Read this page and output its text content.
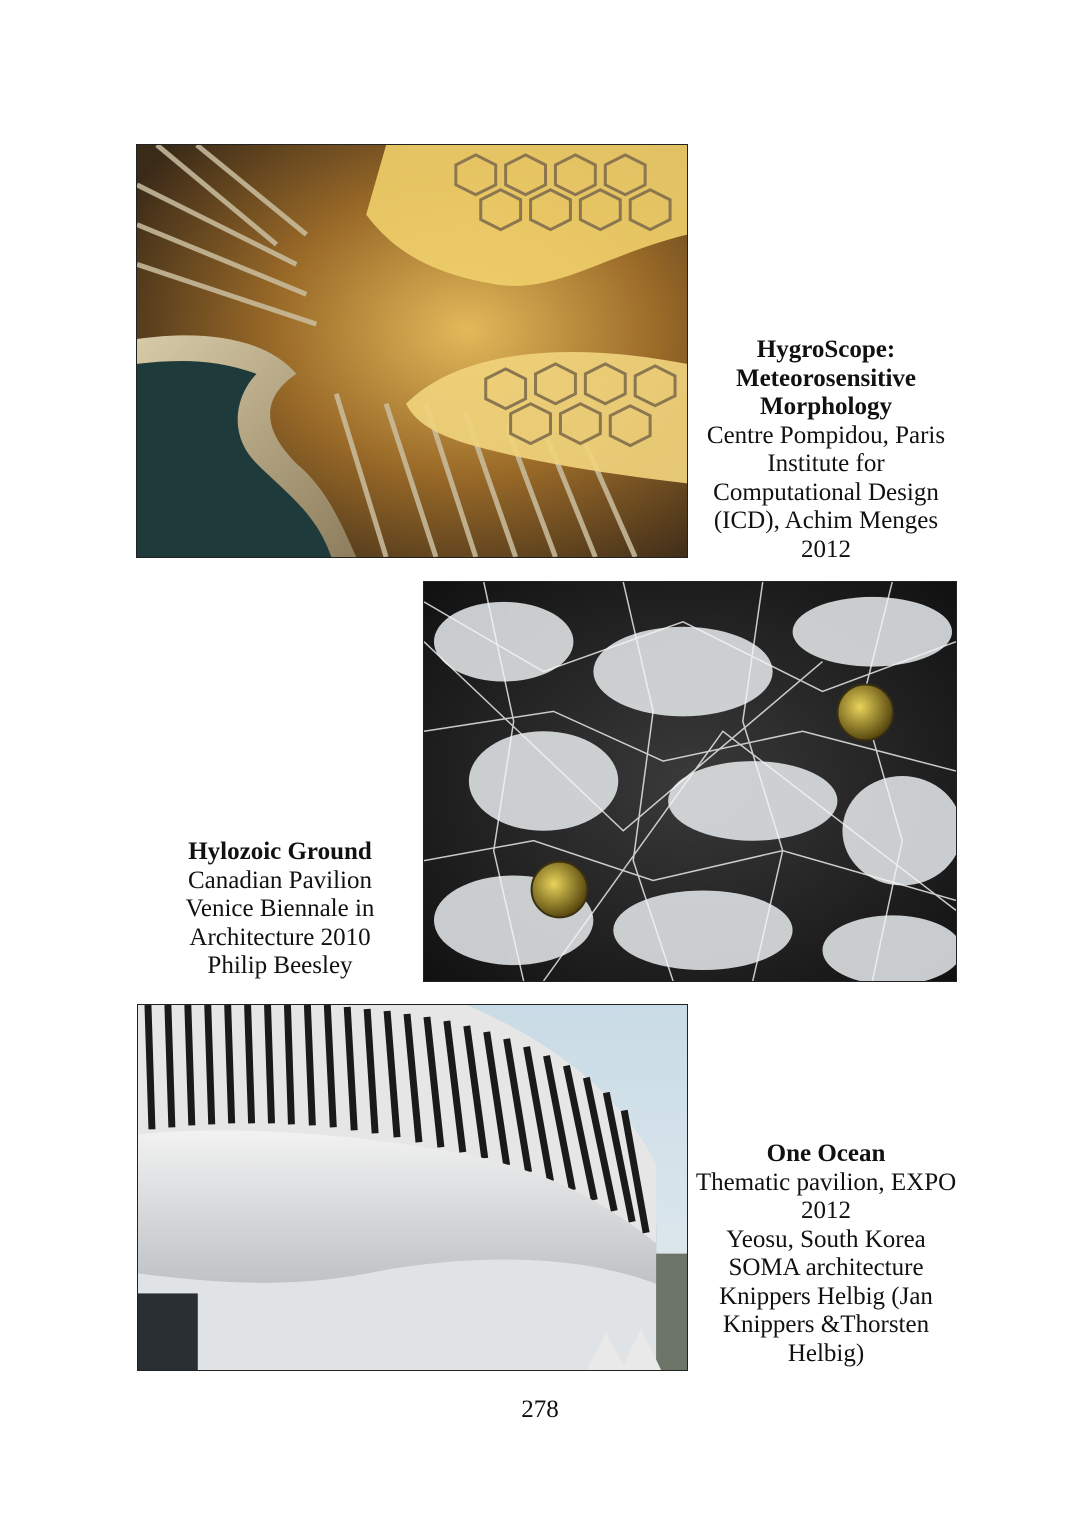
HygroScope:
Meteorosensitive
Morphology
Centre Pompidou, Paris
Institute for
Computational Design
(ICD), Achim Menges
2012
Hylozoic Ground
Canadian Pavilion
Venice Biennale in
Architecture 2010
Philip Beesley
One Ocean
Thematic pavilion, EXPO
2012
Yeosu, South Korea
SOMA architecture
Knippers Helbig (Jan
Knippers &Thorsten
Helbig)
278
